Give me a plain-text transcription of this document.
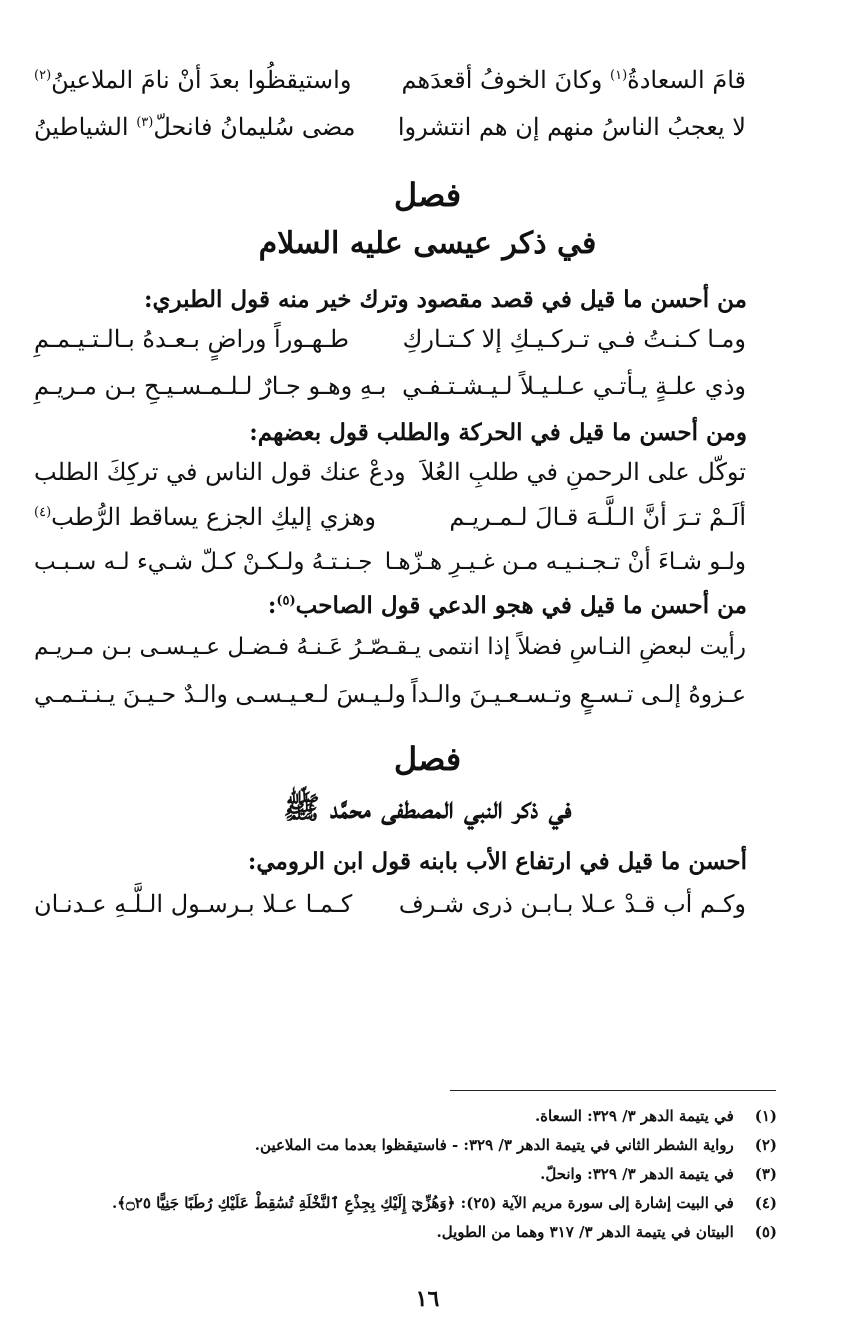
قامَ السعادةُ$^{(١)}$ وكانَ الخوفُ أقعدَهم
واستيقظُوا بعدَ أنْ نامَ الملاعينُ$^{(٢)}$
لا يعجبُ الناسُ منهم إن هم انتشروا
مضى سُليمانُ فانحلّ$^{(٣)}$ الشياطينُ
فصل
في ذكر عيسى عليه السلام
من أحسن ما قيل في قصد مقصود وترك خير منه قول الطبري:
ومـا كـنـتُ فـي تـركـيـكِ إلا كـتـاركِ
طـهـوراً وراضٍ بـعـدهُ بـالـتـيـمـمِ
وذي علـةٍ يـأتـي عـلـيـلاً لـيـشـتـفـي
بـهِ وهـو جـارٌ لـلـمـسـيـحِ بـن مـريـمِ
ومن أحسن ما قيل في الحركة والطلب قول بعضهم:
توكّل على الرحمنِ في طلبِ العُلاَ
ودعْ عنك قول الناس في تركِكَ الطلب
ألَـمْ تـرَ أنَّ الـلَّـهَ قـالَ لـمـريـم
وهزي إليكِ الجزع يساقط الرُّطب$^{(٤)}$
ولـو شـاءَ أنْ تـجـنـيـه مـن غـيـرِ هـزّهـا
جـنـتـهُ ولـكـنْ كـلّ شـيء لـه سـبـب
من أحسن ما قيل في هجو الدعي قول الصاحب$^{(٥)}$:
رأيت لبعضِ النـاسِ فضلاً إذا انتمى
يـقـصّـرُ عَـنـهُ فـضـل عـيـسـى بـن مـريـم
عـزوهُ إلـى تـسـعٍ وتـسـعـيـنَ والـداً
ولـيـسَ لـعـيـسـى والـدٌ حـيـنَ يـنـتـمـي
فصل
في ذكر النبي المصطفى محمَّد ﷺ
أحسن ما قيل في ارتفاع الأب بابنه قول ابن الرومي:
وكـم أب قـدْ عـلا بـابـن ذرى شـرف
كـمـا عـلا بـرسـول الـلَّـهِ عـدنـان
(١) في يتيمة الدهر ٣/ ٣٢٩: السعاة.
(٢) رواية الشطر الثاني في يتيمة الدهر ٣/ ٣٢٩: - فاستيقظوا بعدما مت الملاعين.
(٣) في يتيمة الدهر ٣/ ٣٢٩: وانحلّ.
(٤) في البيت إشارة إلى سورة مريم الآية (٢٥): ﴿وَهُزِّيٓ إِلَيْكِ بِجِذْعِ ٱلنَّخْلَةِ تُسَٰقِطْ عَلَيْكِ رُطَبًا جَنِيًّا ۝٢٥﴾.
(٥) البيتان في يتيمة الدهر ٣/ ٣١٧ وهما من الطويل.
١٦
